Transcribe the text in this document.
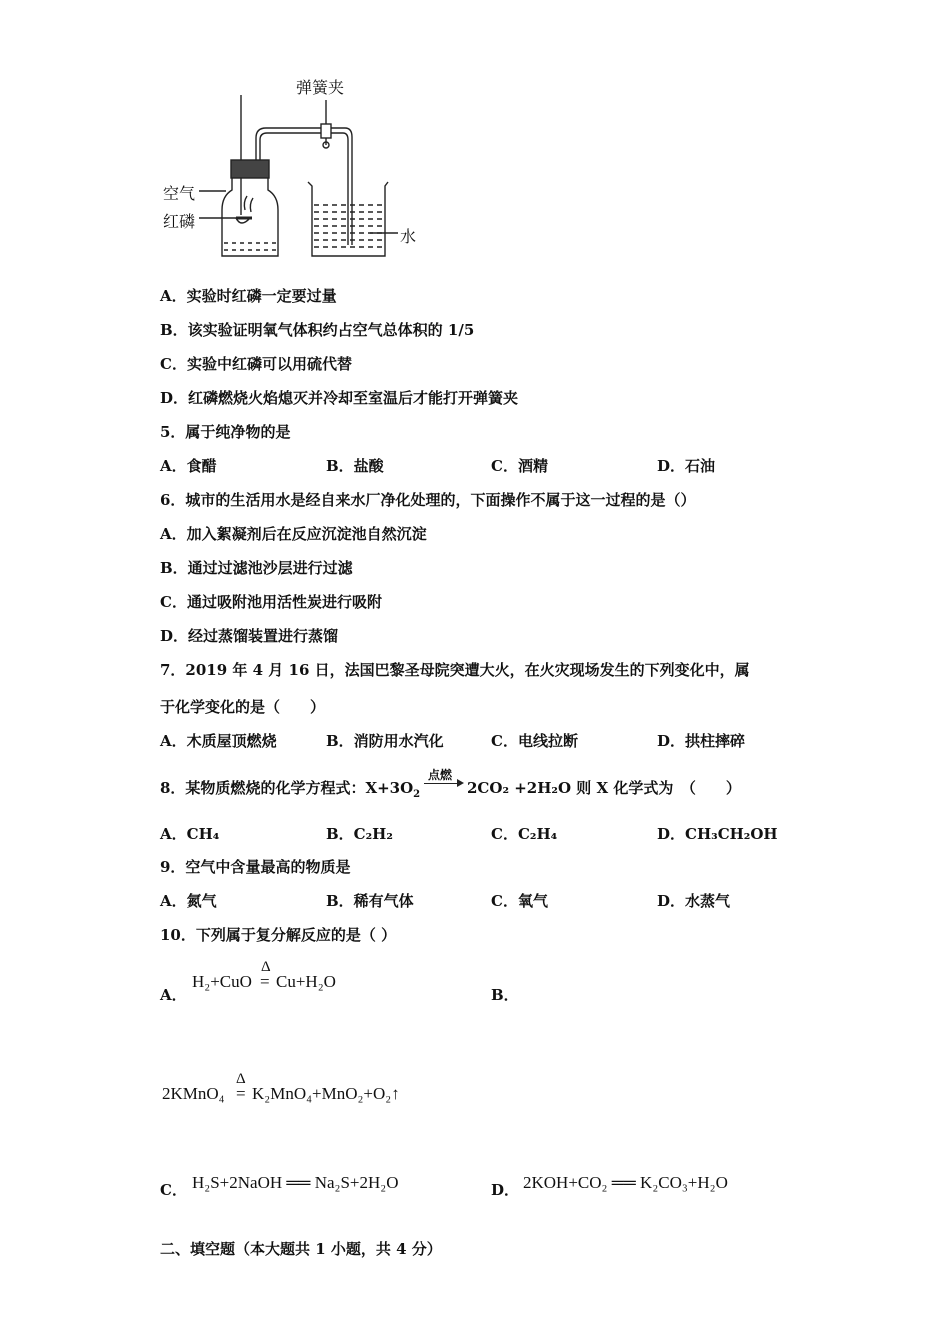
弹簧夹
空气
红磷
水
A．实验时红磷一定要过量
B．该实验证明氧气体积约占空气总体积的 1/5
C．实验中红磷可以用硫代替
D．红磷燃烧火焰熄灭并冷却至室温后才能打开弹簧夹
5．属于纯净物的是
A．食醋	B．盐酸	C．酒精	D．石油
6．城市的生活用水是经自来水厂净化处理的，下面操作不属于这一过程的是（）
A．加入絮凝剂后在反应沉淀池自然沉淀
B．通过过滤池沙层进行过滤
C．通过吸附池用活性炭进行吸附
D．经过蒸馏装置进行蒸馏
7．2019 年 4 月 16 日，法国巴黎圣母院突遭大火，在火灾现场发生的下列变化中，属
于化学变化的是（　　）
A．木质屋顶燃烧	B．消防用水汽化	C．电线拉断	D．拱柱摔碎
8．某物质燃烧的化学方程式：$X+3O_2$
点燃
2CO₂ +2H₂O 则 X 化学式为　（　　）
A．CH₄	B．C₂H₂	C．C₂H₄	D．CH₃CH₂OH
9．空气中含量最高的物质是
A．氮气	B．稀有气体	C．氧气	D．水蒸气
10．下列属于复分解反应的是（ ）
A．
H₂+CuO
Δ
= Cu+H₂O
B．
2KMnO₄
Δ
= K₂MnO₄+MnO₂+O₂↑
C． H₂S+2NaOH ══ Na₂S+2H₂O	D． 2KOH+CO₂ ══ K₂CO₃+H₂O
二、填空题（本大题共 1 小题，共 4 分）
